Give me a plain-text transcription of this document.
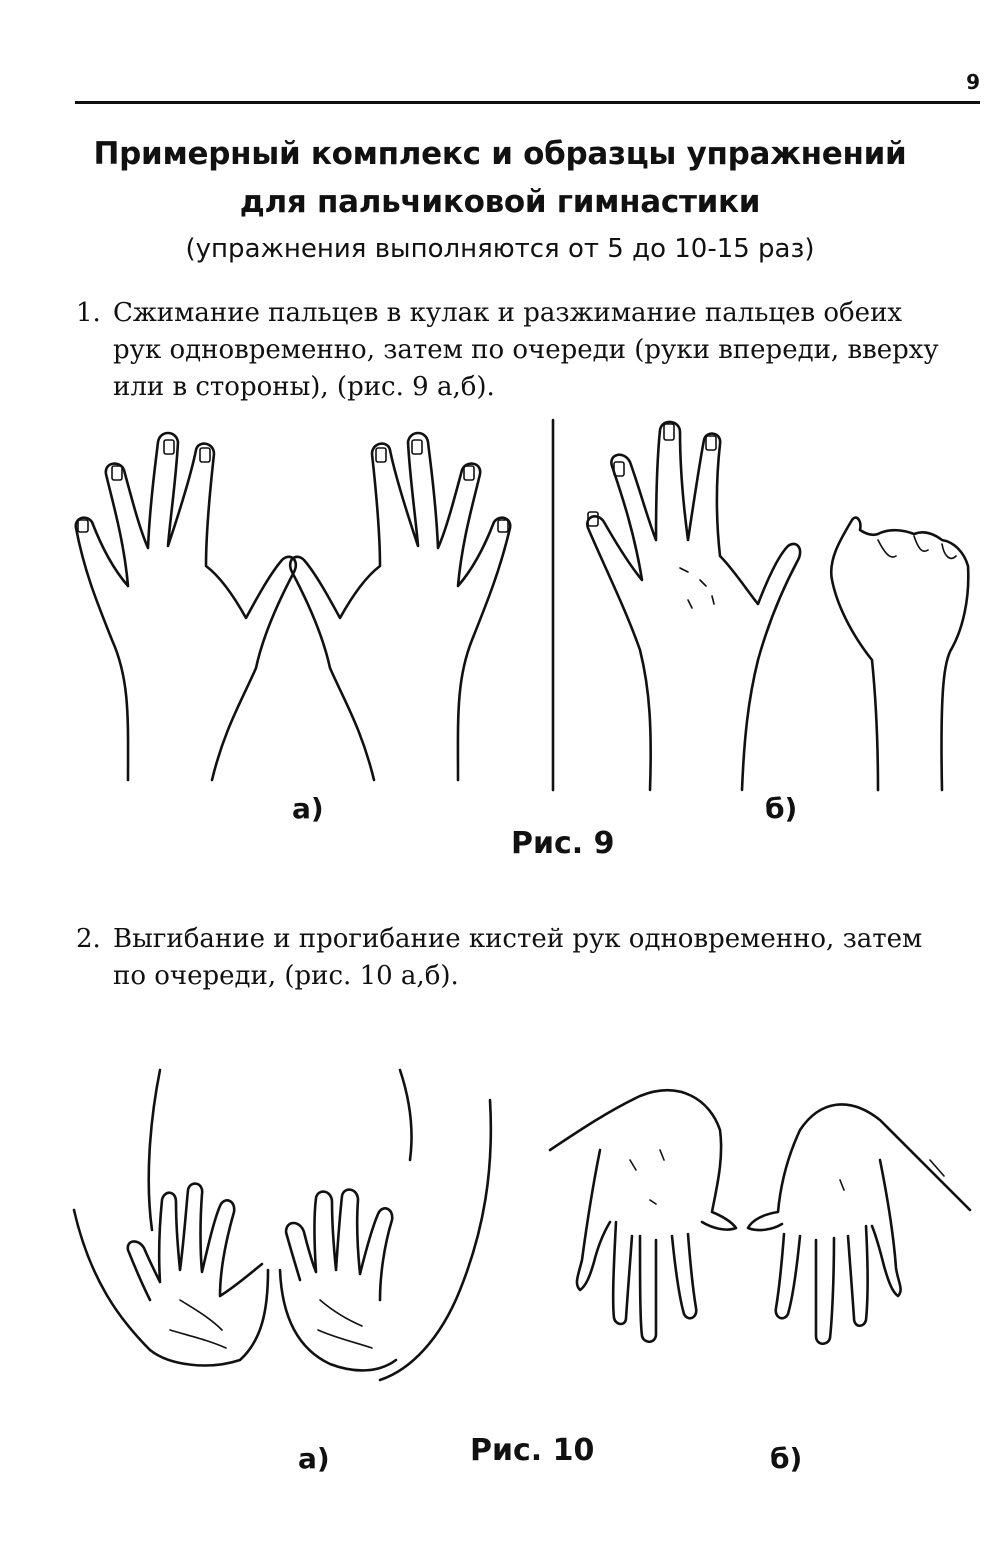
9
Примерный комплекс и образцы упражнений
для пальчиковой гимнастики
(упражнения выполняются от 5 до 10-15 раз)
1. Сжимание пальцев в кулак и разжимание пальцев обеих
рук одновременно, затем по очереди (руки впереди, вверху
или в стороны), (рис. 9 а,б).
а)	б)
Рис. 9
2. Выгибание и прогибание кистей рук одновременно, затем
по очереди, (рис. 10 а,б).
а)	Рис. 10	б)
